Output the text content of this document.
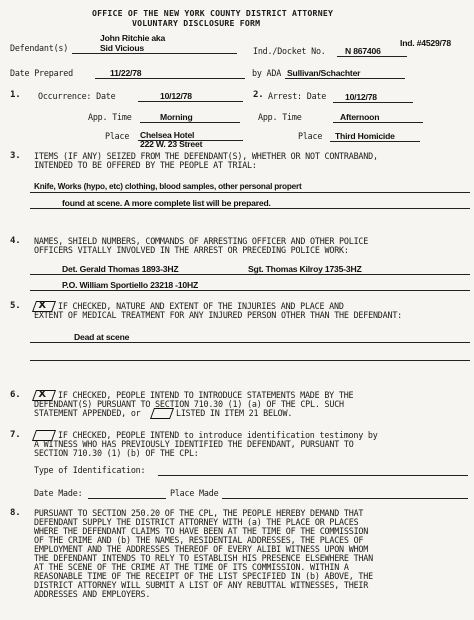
OFFICE OF THE NEW YORK COUNTY DISTRICT ATTORNEY
VOLUNTARY DISCLOSURE FORM
John Ritchie aka
Defendant(s)	Sid Vicious	Ind./Docket No. N 867406
Ind. #4529/78
Date Prepared	11/22/78	by ADA Sullivan/Schachter
1. Occurrence: Date	10/12/78	2. Arrest: Date 10/12/78
App. Time	Morning	App. Time	Afternoon
Place Chelsea Hotel
222 W. 23 Street
Place Third Homicide
3. ITEMS (IF ANY) SEIZED FROM THE DEFENDANT(S), WHETHER OR NOT CONTRABAND,
INTENDED TO BE OFFERED BY THE PEOPLE AT TRIAL:
Knife, Works (hypo, etc) clothing, blood samples, other personal propert
found at scene. A more complete list will be prepared.
4. NAMES, SHIELD NUMBERS, COMMANDS OF ARRESTING OFFICER AND OTHER POLICE
OFFICERS VITALLY INVOLVED IN THE ARREST OR PRECEDING POLICE WORK:
Det. Gerald Thomas 1893-3HZ	Sgt. Thomas Kilroy 1735-3HZ
P.O. William Sportiello 23218 -10HZ
5. X IF CHECKED, NATURE AND EXTENT OF THE INJURIES AND PLACE AND
EXTENT OF MEDICAL TREATMENT FOR ANY INJURED PERSON OTHER THAN THE DEFENDANT:
Dead at scene
6. X IF CHECKED, PEOPLE INTEND TO INTRODUCE STATEMENTS MADE BY THE
DEFENDANT(S) PURSUANT TO SECTION 710.30 (1) (a) OF THE CPL. SUCH
STATEMENT APPENDED, or	LISTED IN ITEM 21 BELOW.
7.	IF CHECKED, PEOPLE INTEND to introduce identification testimony by
A WITNESS WHO HAS PREVIOUSLY IDENTIFIED THE DEFENDANT, PURSUANT TO
SECTION 710.30 (1) (b) OF THE CPL:
Type of Identification:
Date Made:	Place Made
8. PURSUANT TO SECTION 250.20 OF THE CPL, THE PEOPLE HEREBY DEMAND THAT
DEFENDANT SUPPLY THE DISTRICT ATTORNEY WITH (a) THE PLACE OR PLACES
WHERE THE DEFENDANT CLAIMS TO HAVE BEEN AT THE TIME OF THE COMMISSION
OF THE CRIME AND (b) THE NAMES, RESIDENTIAL ADDRESSES, THE PLACES OF
EMPLOYMENT AND THE ADDRESSES THEREOF OF EVERY ALIBI WITNESS UPON WHOM
THE DEFENDANT INTENDS TO RELY TO ESTABLISH HIS PRESENCE ELSEWHERE THAN
AT THE SCENE OF THE CRIME AT THE TIME OF ITS COMMISSION. WITHIN A
REASONABLE TIME OF THE RECEIPT OF THE LIST SPECIFIED IN (b) ABOVE, THE
DISTRICT ATTORNEY WILL SUBMIT A LIST OF ANY REBUTTAL WITNESSES, THEIR
ADDRESSES AND EMPLOYERS.
